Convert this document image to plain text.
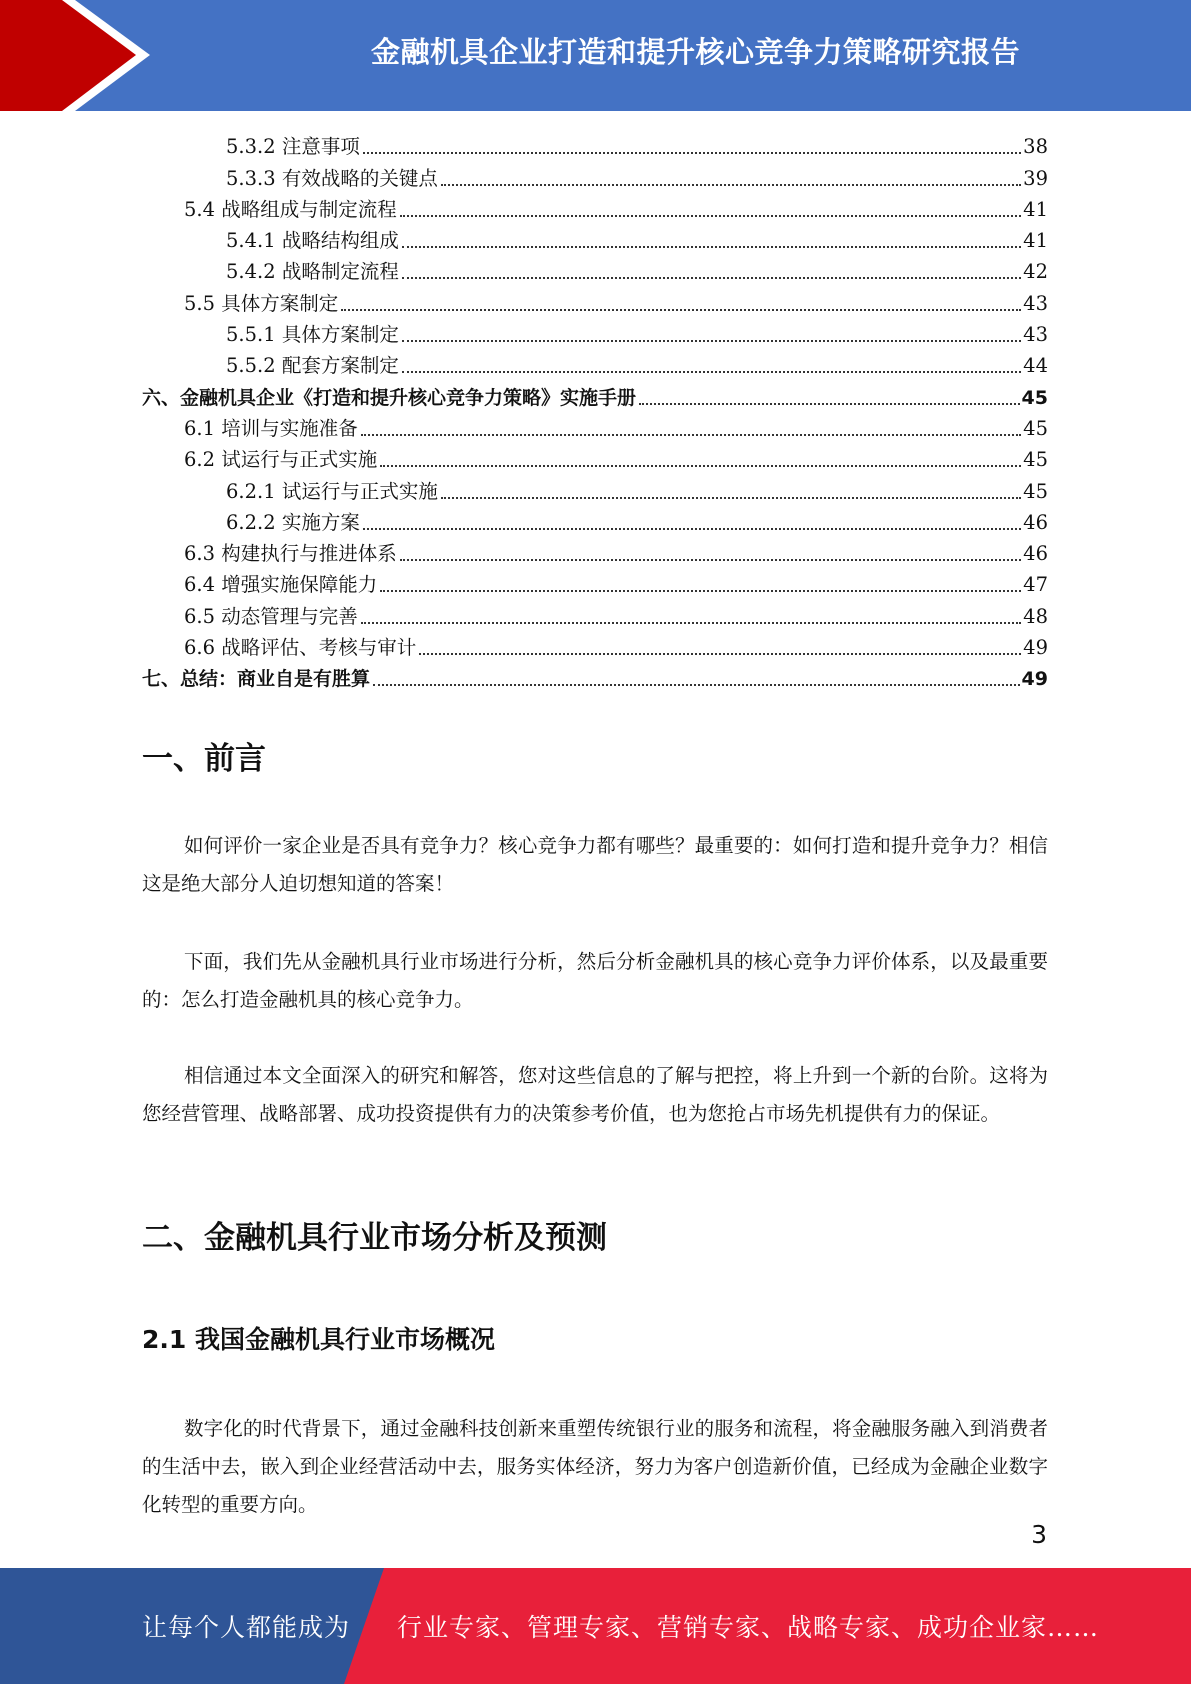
金融机具企业打造和提升核心竞争力策略研究报告
5.3.2 注意事项	38
5.3.3 有效战略的关键点	39
5.4 战略组成与制定流程	41
5.4.1 战略结构组成	41
5.4.2 战略制定流程	42
5.5 具体方案制定	43
5.5.1 具体方案制定	43
5.5.2 配套方案制定	44
六、金融机具企业《打造和提升核心竞争力策略》实施手册	45
6.1 培训与实施准备	45
6.2 试运行与正式实施	45
6.2.1 试运行与正式实施	45
6.2.2 实施方案	46
6.3 构建执行与推进体系	46
6.4 增强实施保障能力	47
6.5 动态管理与完善	48
6.6 战略评估、考核与审计	49
七、总结：商业自是有胜算	49
一、前言

如何评价一家企业是否具有竞争力？核心竞争力都有哪些？最重要的：如何打造和提升竞争力？相信这是绝大部分人迫切想知道的答案！

下面，我们先从金融机具行业市场进行分析，然后分析金融机具的核心竞争力评价体系，以及最重要的：怎么打造金融机具的核心竞争力。

相信通过本文全面深入的研究和解答，您对这些信息的了解与把控，将上升到一个新的台阶。这将为您经营管理、战略部署、成功投资提供有力的决策参考价值，也为您抢占市场先机提供有力的保证。

二、金融机具行业市场分析及预测
2.1 我国金融机具行业市场概况

数字化的时代背景下，通过金融科技创新来重塑传统银行业的服务和流程，将金融服务融入到消费者的生活中去，嵌入到企业经营活动中去，服务实体经济，努力为客户创造新价值，已经成为金融企业数字化转型的重要方向。

3
让每个人都能成为 行业专家、管理专家、营销专家、战略专家、成功企业家……
